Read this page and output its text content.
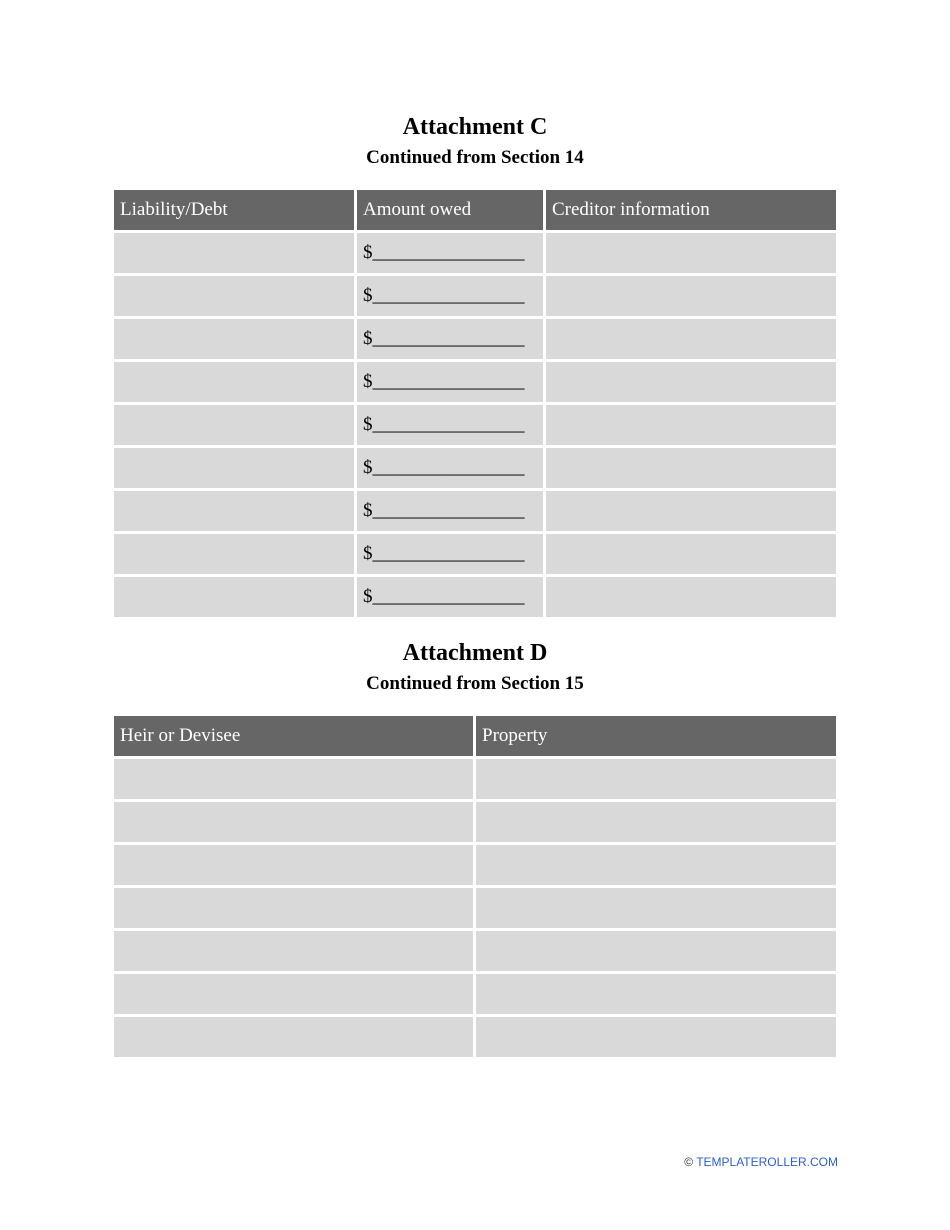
Attachment C
Continued from Section 14
Liability/Debt	Amount owed	Creditor information
	$________________	
	$________________	
	$________________	
	$________________	
	$________________	
	$________________	
	$________________	
	$________________	
	$________________	
Attachment D
Continued from Section 15
Heir or Devisee	Property

© TEMPLATEROLLER.COM
